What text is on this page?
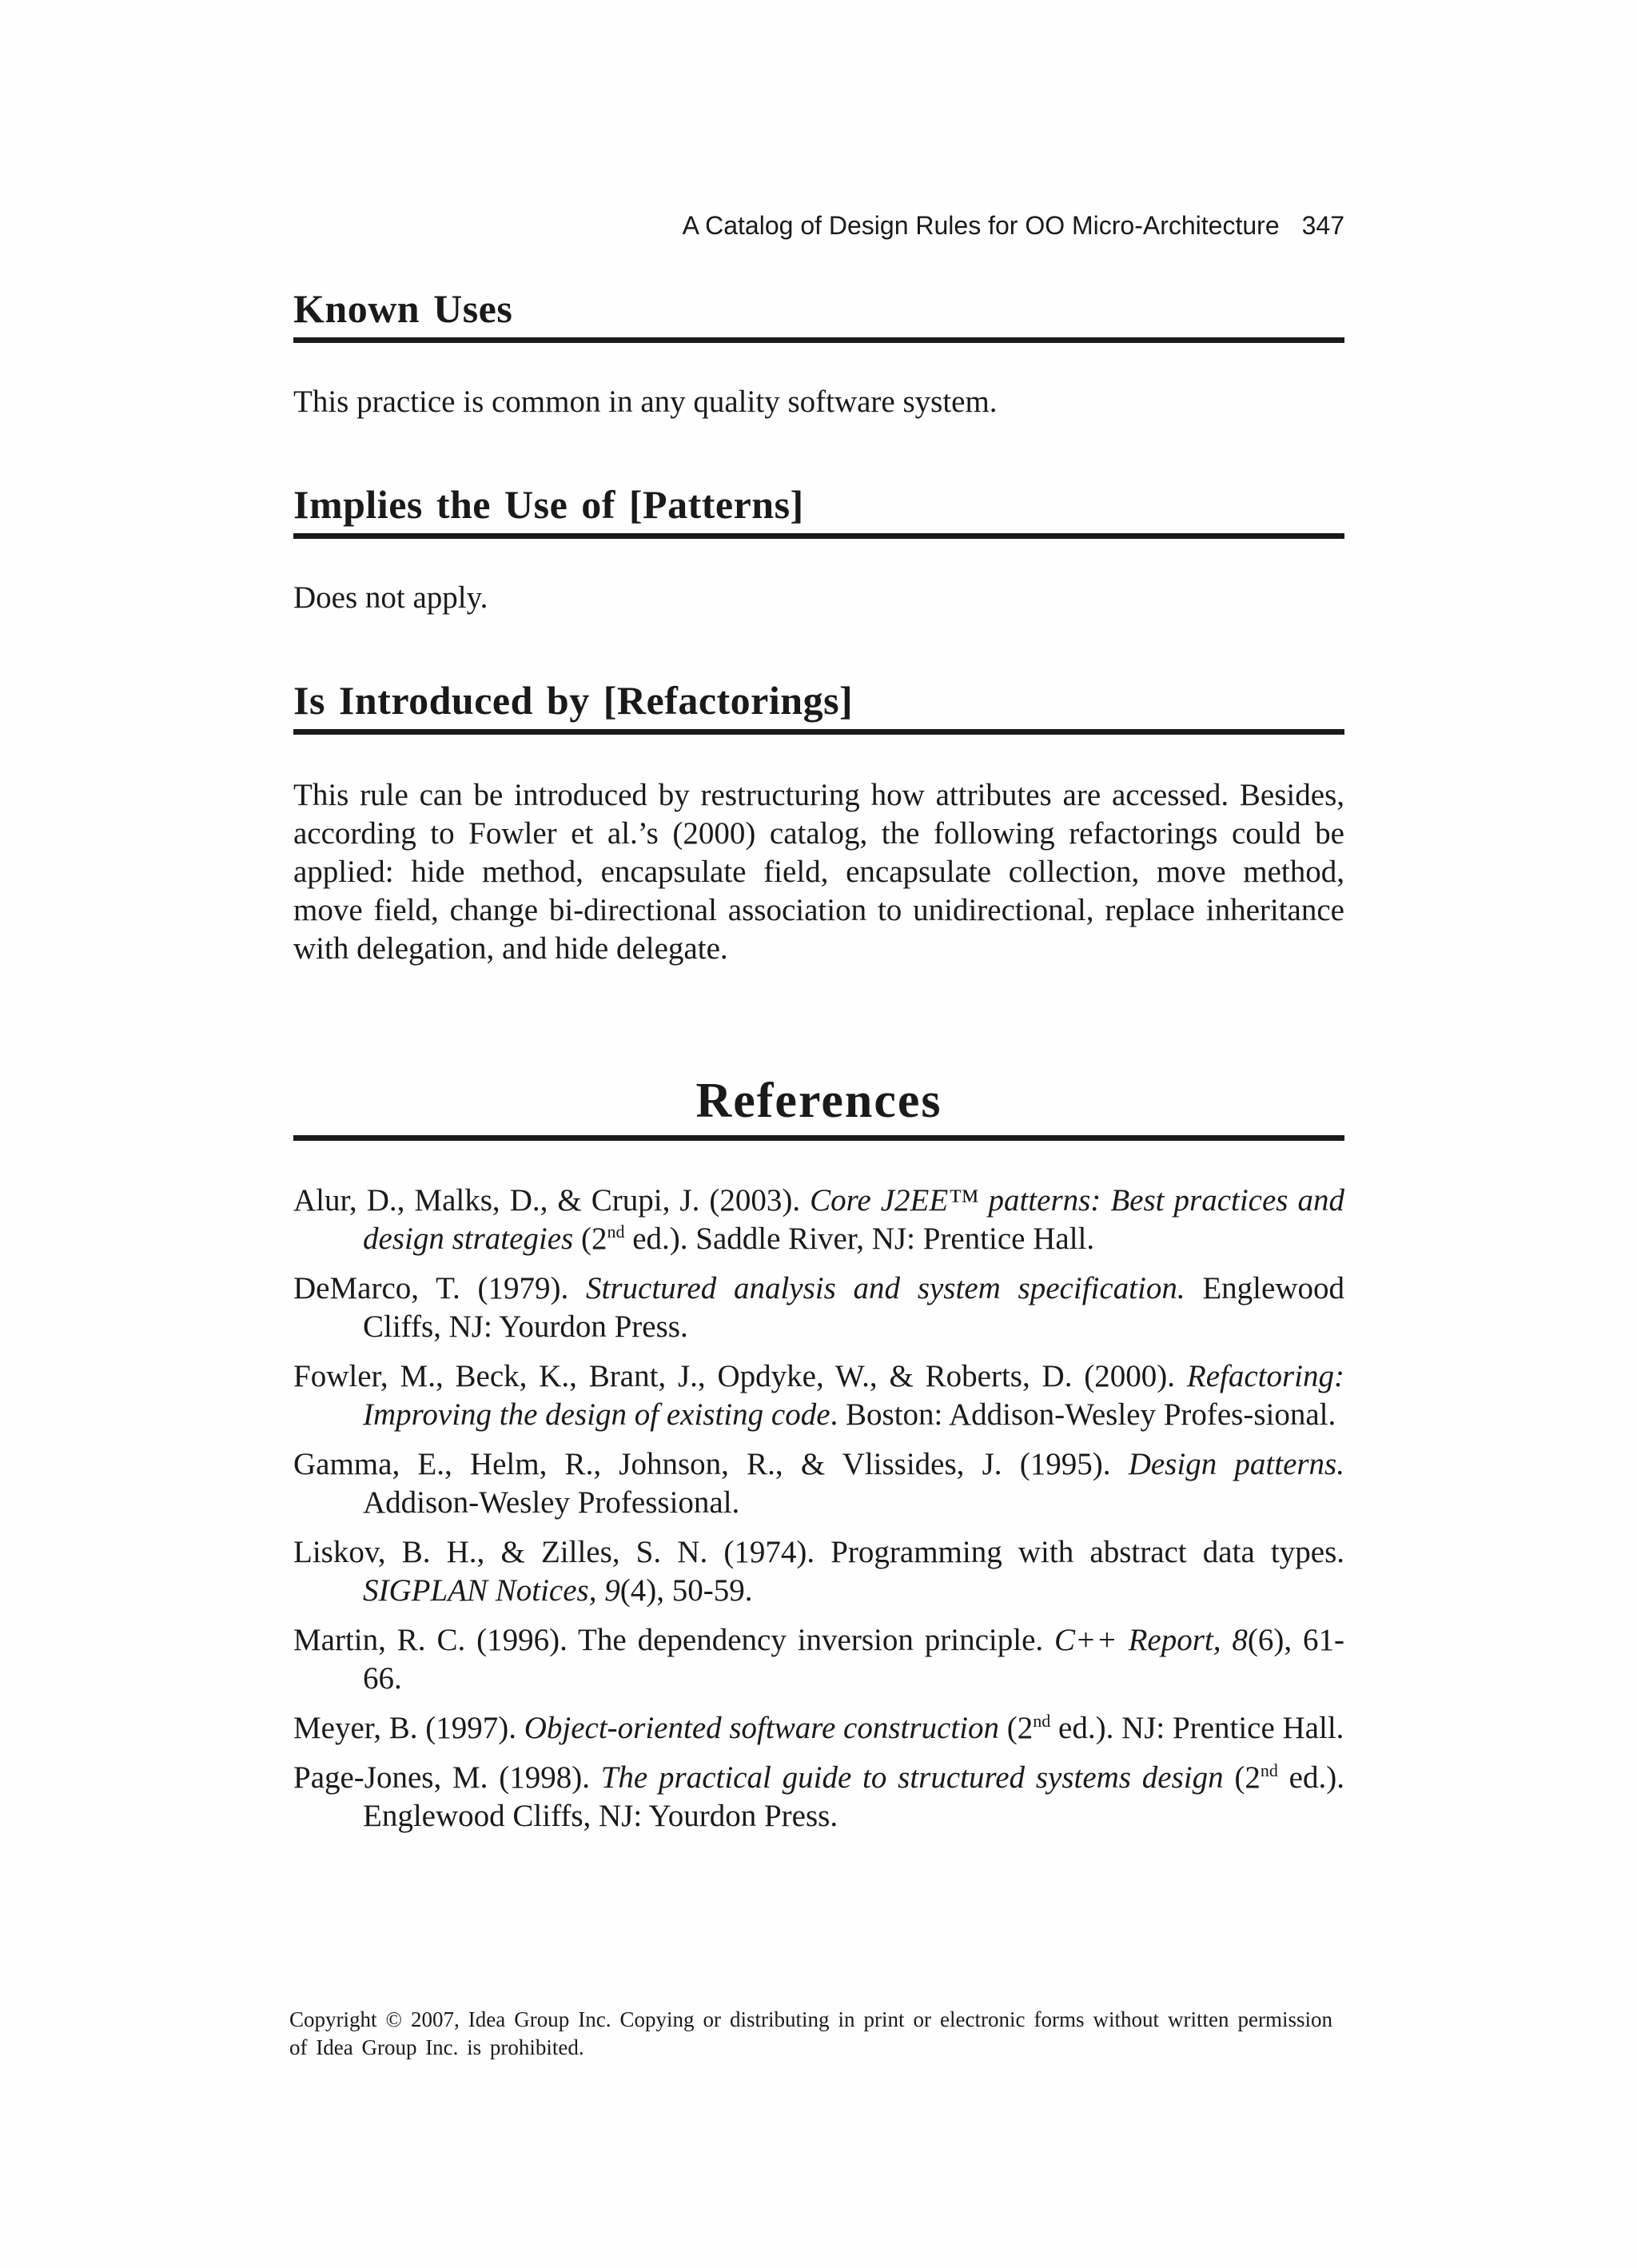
A Catalog of Design Rules for OO Micro-Architecture 347
Known Uses

This practice is common in any quality software system.

Implies the Use of [Patterns]

Does not apply.

Is Introduced by [Refactorings]

This rule can be introduced by restructuring how attributes are accessed. Besides, according to Fowler et al.’s (2000) catalog, the following refactorings could be applied: hide method, encapsulate field, encapsulate collection, move method, move field, change bi-directional association to unidirectional, replace inheritance with delegation, and hide delegate.

References
Alur, D., Malks, D., & Crupi, J. (2003). Core J2EE™ patterns: Best practices and design strategies (2nd ed.). Saddle River, NJ: Prentice Hall.
DeMarco, T. (1979). Structured analysis and system specification. Englewood Cliffs, NJ: Yourdon Press.
Fowler, M., Beck, K., Brant, J., Opdyke, W., & Roberts, D. (2000). Refactoring: Improving the design of existing code. Boston: Addison-Wesley Profes-sional.
Gamma, E., Helm, R., Johnson, R., & Vlissides, J. (1995). Design patterns. Addison-Wesley Professional.
Liskov, B. H., & Zilles, S. N. (1974). Programming with abstract data types. SIGPLAN Notices, 9(4), 50-59.
Martin, R. C. (1996). The dependency inversion principle. C++ Report, 8(6), 61-66.
Meyer, B. (1997). Object-oriented software construction (2nd ed.). NJ: Prentice Hall.
Page-Jones, M. (1998). The practical guide to structured systems design (2nd ed.). Englewood Cliffs, NJ: Yourdon Press.
Copyright © 2007, Idea Group Inc. Copying or distributing in print or electronic forms without written permission of Idea Group Inc. is prohibited.
